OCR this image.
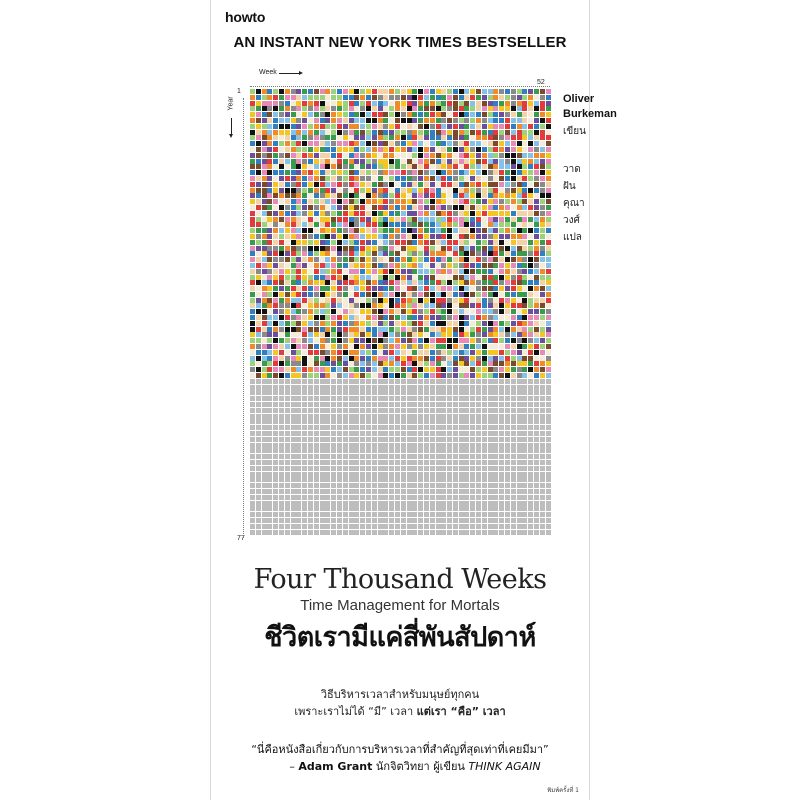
howto
AN INSTANT NEW YORK TIMES BESTSELLER
Week
52
Year
1
77
Oliver
Burkeman
เขียน
วาดฝัน
คุณาวงศ์
แปล
Four Thousand Weeks
Time Management for Mortals
ชีวิตเรามีแค่สี่พันสัปดาห์
วิธีบริหารเวลาสำหรับมนุษย์ทุกคน
เพราะเราไม่ได้ “มี” เวลา แต่เรา “คือ” เวลา
“นี่คือหนังสือเกี่ยวกับการบริหารเวลาที่สำคัญที่สุดเท่าที่เคยมีมา”
– Adam Grant นักจิตวิทยา ผู้เขียน THINK AGAIN
พิมพ์ครั้งที่ 1
